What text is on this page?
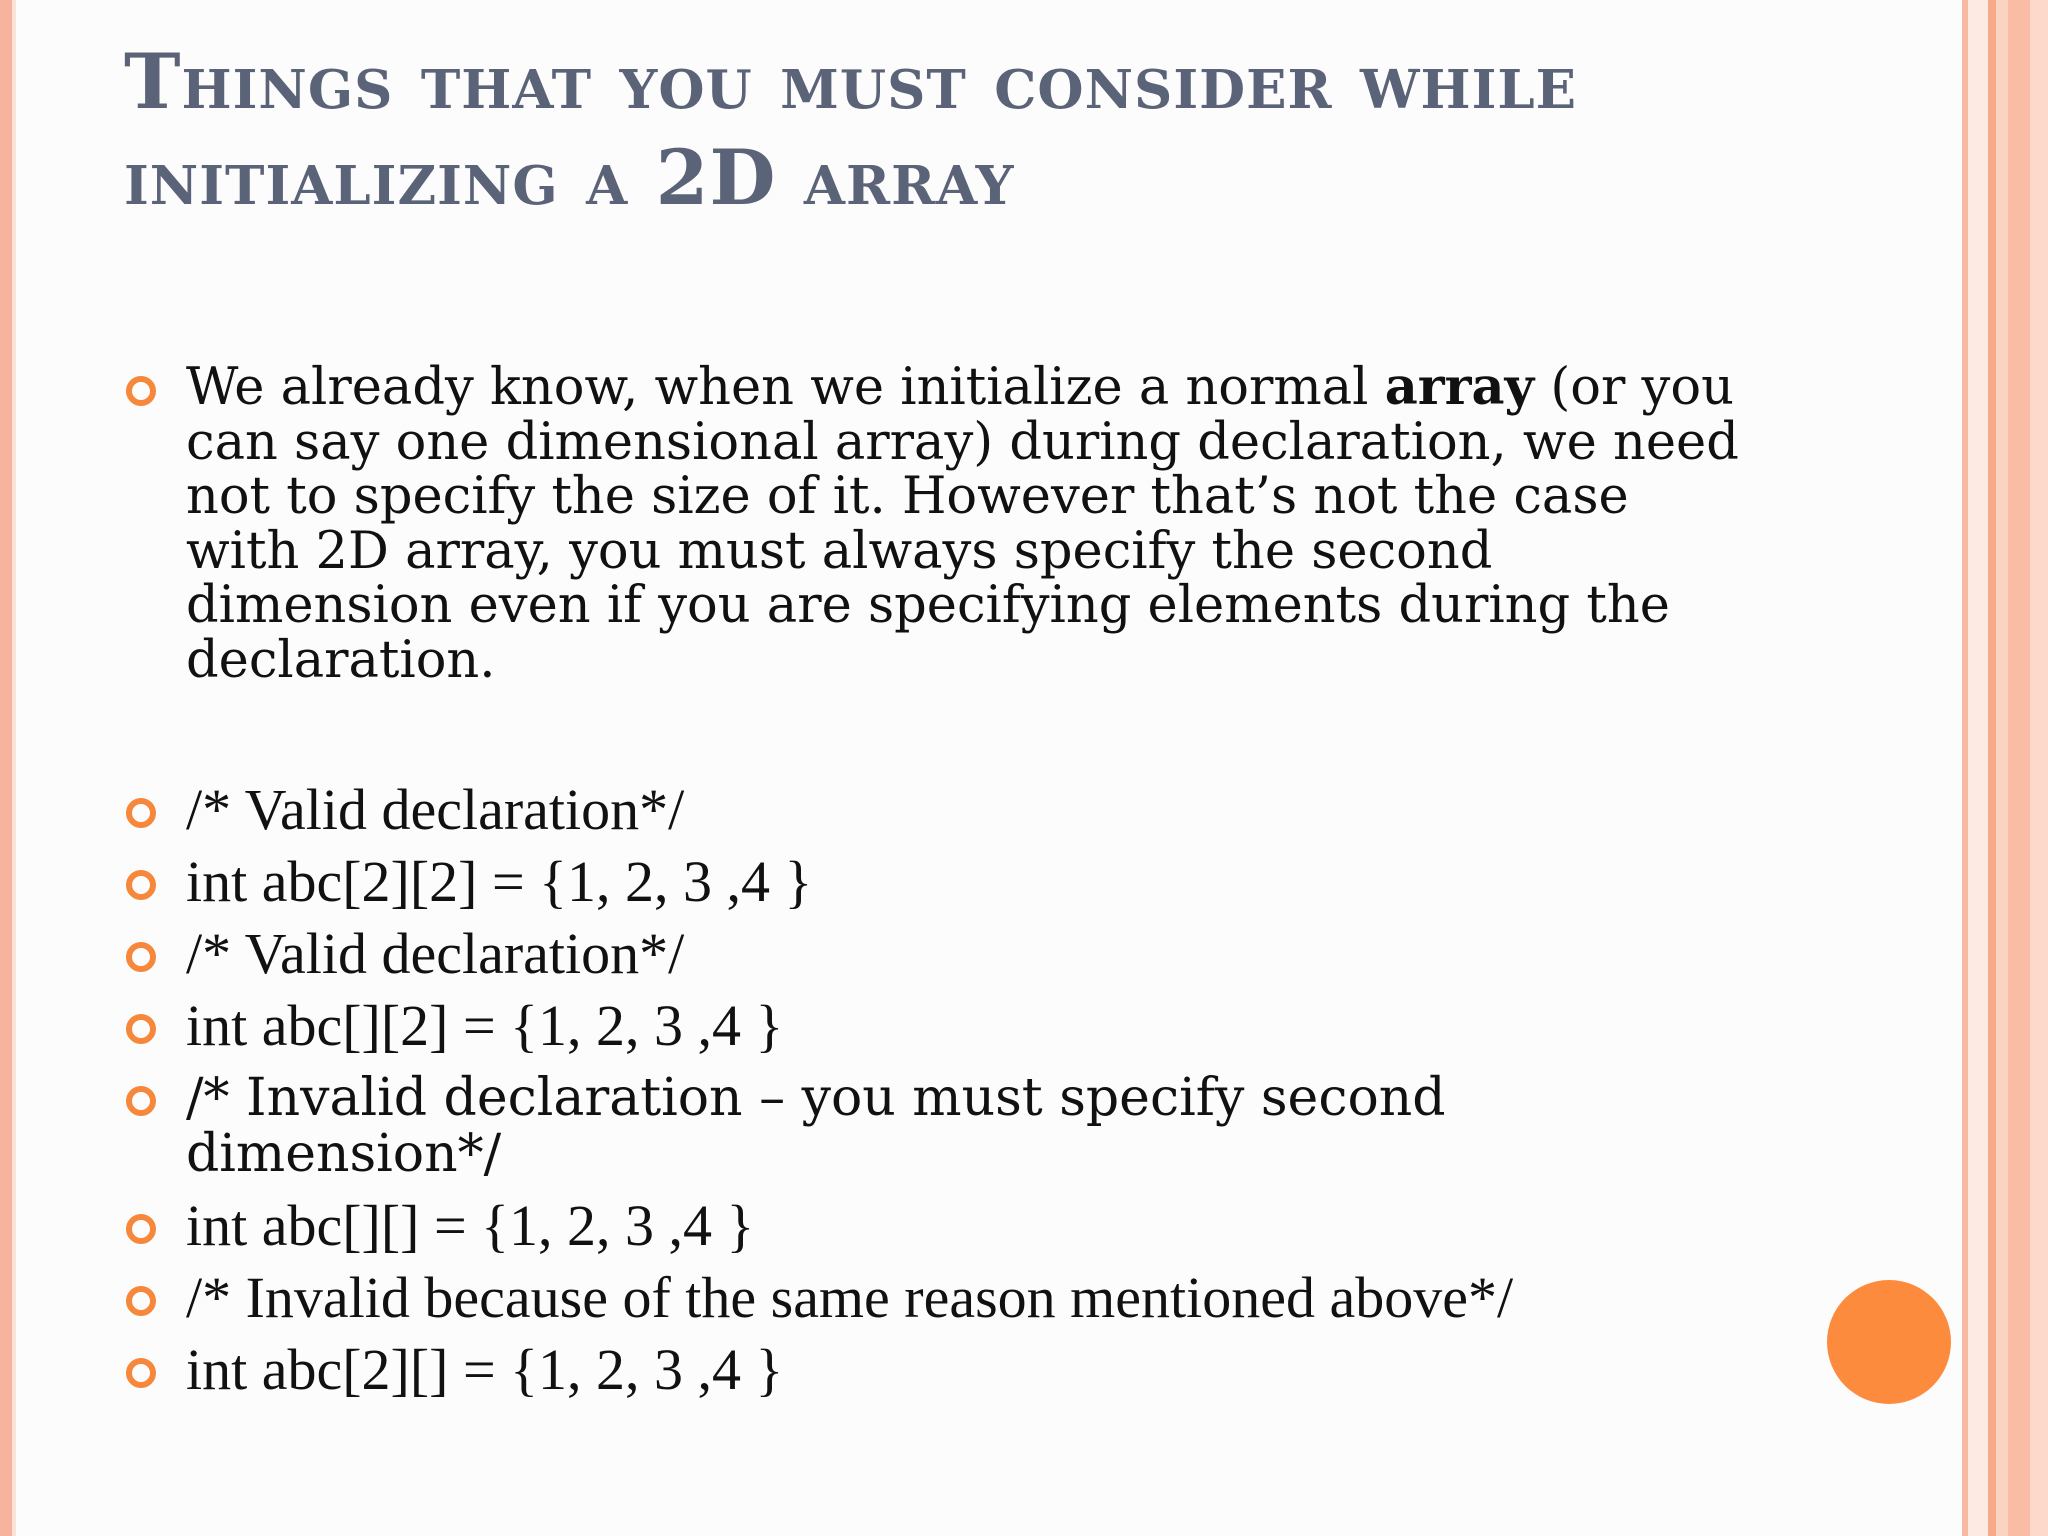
Things that you must consider while
initializing a 2D array
We already know, when we initialize a normal array (or you can say one dimensional array) during declaration, we need not to specify the size of it. However that’s not the case with 2D array, you must always specify the second dimension even if you are specifying elements during the declaration.
/* Valid declaration*/
int abc[2][2] = {1, 2, 3 ,4 }
/* Valid declaration*/
int abc[][2] = {1, 2, 3 ,4 }
/* Invalid declaration – you must specify second dimension*/
int abc[][] = {1, 2, 3 ,4 }
/* Invalid because of the same reason mentioned above*/
int abc[2][] = {1, 2, 3 ,4 }
